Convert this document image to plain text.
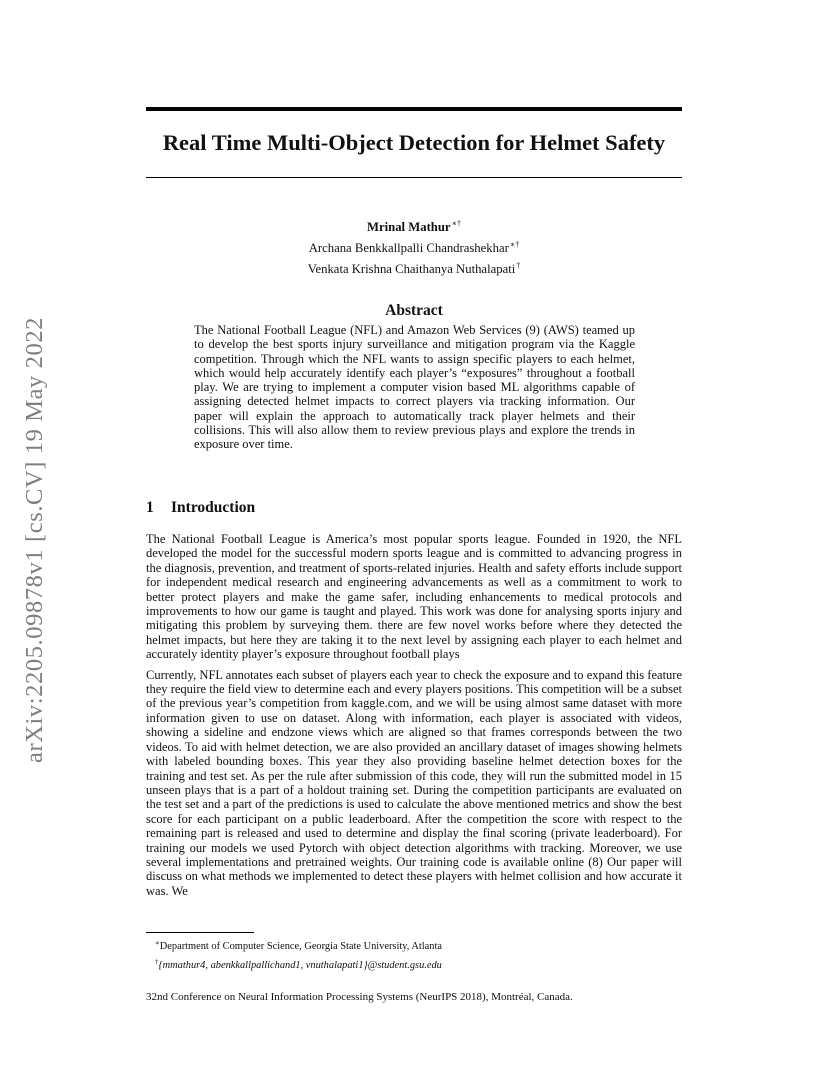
arXiv:2205.09878v1 [cs.CV] 19 May 2022
Real Time Multi-Object Detection for Helmet Safety
Mrinal Mathur∗†
Archana Benkkallpalli Chandrashekhar∗†
Venkata Krishna Chaithanya Nuthalapati†
Abstract

The National Football League (NFL) and Amazon Web Services (9) (AWS) teamed up to develop the best sports injury surveillance and mitigation program via the Kaggle competition. Through which the NFL wants to assign specific players to each helmet, which would help accurately identify each player’s “exposures” throughout a football play. We are trying to implement a computer vision based ML algorithms capable of assigning detected helmet impacts to correct players via tracking information. Our paper will explain the approach to automatically track player helmets and their collisions. This will also allow them to review previous plays and explore the trends in exposure over time.

1 Introduction

The National Football League is America’s most popular sports league. Founded in 1920, the NFL developed the model for the successful modern sports league and is committed to advancing progress in the diagnosis, prevention, and treatment of sports-related injuries. Health and safety efforts include support for independent medical research and engineering advancements as well as a commitment to work to better protect players and make the game safer, including enhancements to medical protocols and improvements to how our game is taught and played. This work was done for analysing sports injury and mitigating this problem by surveying them. there are few novel works before where they detected the helmet impacts, but here they are taking it to the next level by assigning each player to each helmet and accurately identity player’s exposure throughout football plays

Currently, NFL annotates each subset of players each year to check the exposure and to expand this feature they require the field view to determine each and every players positions. This competition will be a subset of the previous year’s competition from kaggle.com, and we will be using almost same dataset with more information given to use on dataset. Along with information, each player is associated with videos, showing a sideline and endzone views which are aligned so that frames corresponds between the two videos. To aid with helmet detection, we are also provided an ancillary dataset of images showing helmets with labeled bounding boxes. This year they also providing baseline helmet detection boxes for the training and test set. As per the rule after submission of this code, they will run the submitted model in 15 unseen plays that is a part of a holdout training set. During the competition participants are evaluated on the test set and a part of the predictions is used to calculate the above mentioned metrics and show the best score for each participant on a public leaderboard. After the competition the score with respect to the remaining part is released and used to determine and display the final scoring (private leaderboard). For training our models we used Pytorch with object detection algorithms with tracking. Moreover, we use several implementations and pretrained weights. Our training code is available online (8) Our paper will discuss on what methods we implemented to detect these players with helmet collision and how accurate it was. We

∗Department of Computer Science, Georgia State University, Atlanta
†{mmathur4, abenkkallpallichand1, vnuthalapati1}@student.gsu.edu
32nd Conference on Neural Information Processing Systems (NeurIPS 2018), Montréal, Canada.
